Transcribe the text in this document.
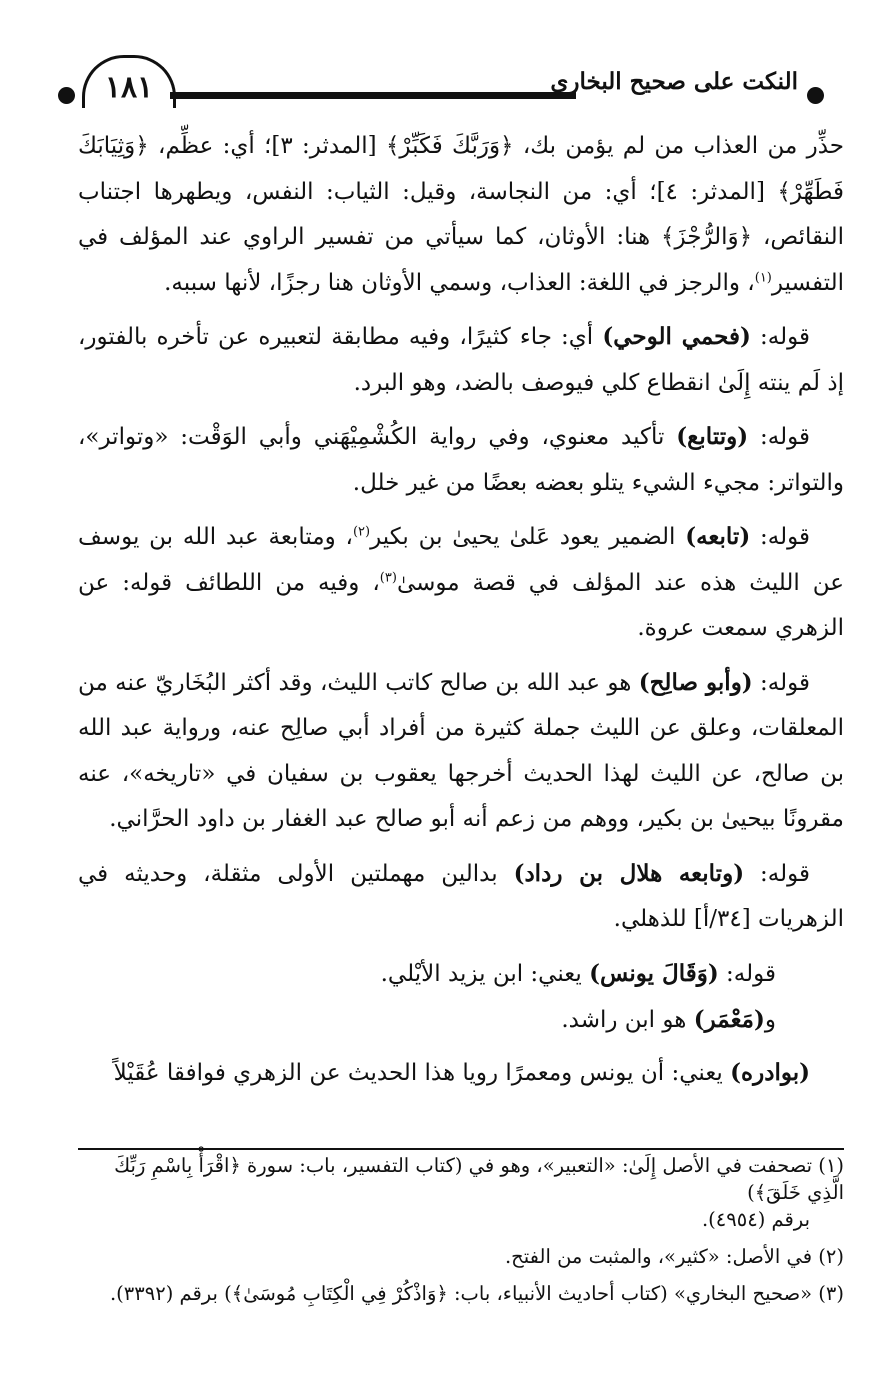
١٨١	النكت على صحيح البخاري

حذِّر من العذاب من لم يؤمن بك، ﴿وَرَبَّكَ فَكَبِّرْ﴾ [المدثر: ٣]؛ أي: عظِّم، ﴿وَثِيَابَكَ فَطَهِّرْ﴾ [المدثر: ٤]؛ أي: من النجاسة، وقيل: الثياب: النفس، ويطهرها اجتناب النقائص، ﴿وَالرُّجْزَ﴾ هنا: الأوثان، كما سيأتي من تفسير الراوي عند المؤلف في التفسير$^{(١)}$، والرجز في اللغة: العذاب، وسمي الأوثان هنا رجزًا، لأنها سببه.

قوله: (فحمي الوحي) أي: جاء كثيرًا، وفيه مطابقة لتعبيره عن تأخره بالفتور، إذ لَم ينته إِلَىٰ انقطاع كلي فيوصف بالضد، وهو البرد.

قوله: (وتتابع) تأكيد معنوي، وفي رواية الكُشْمِيْهَني وأبي الوَقْت: «وتواتر»، والتواتر: مجيء الشيء يتلو بعضه بعضًا من غير خلل.

قوله: (تابعه) الضمير يعود عَلىٰ يحيىٰ بن بكير$^{(٢)}$، ومتابعة عبد الله بن يوسف عن الليث هذه عند المؤلف في قصة موسىٰ$^{(٣)}$، وفيه من اللطائف قوله: عن الزهري سمعت عروة.

قوله: (وأبو صالِح) هو عبد الله بن صالح كاتب الليث، وقد أكثر البُخَاريّ عنه من المعلقات، وعلق عن الليث جملة كثيرة من أفراد أبي صالِح عنه، ورواية عبد الله بن صالح، عن الليث لهذا الحديث أخرجها يعقوب بن سفيان في «تاريخه»، عنه مقرونًا بيحيىٰ بن بكير، ووهم من زعم أنه أبو صالح عبد الغفار بن داود الحرَّاني.

قوله: (وتابعه هلال بن رداد) بدالين مهملتين الأولى مثقلة، وحديثه في الزهريات [٣٤/أ] للذهلي.

قوله: (وَقَالَ يونس) يعني: ابن يزيد الأيْلي.

و(مَعْمَر) هو ابن راشد.

(بوادره) يعني: أن يونس ومعمرًا رويا هذا الحديث عن الزهري فوافقا عُقَيْلاً

(١) تصحفت في الأصل إِلَىٰ: «التعبير»، وهو في (كتاب التفسير، باب: سورة ﴿اقْرَأْ بِاسْمِ رَبِّكَ الَّذِي خَلَقَ﴾)
برقم (٤٩٥٤).
(٢) في الأصل: «كثير»، والمثبت من الفتح.
(٣) «صحيح البخاري» (كتاب أحاديث الأنبياء، باب: ﴿وَاذْكُرْ فِي الْكِتَابِ مُوسَىٰ﴾) برقم (٣٣٩٢).
